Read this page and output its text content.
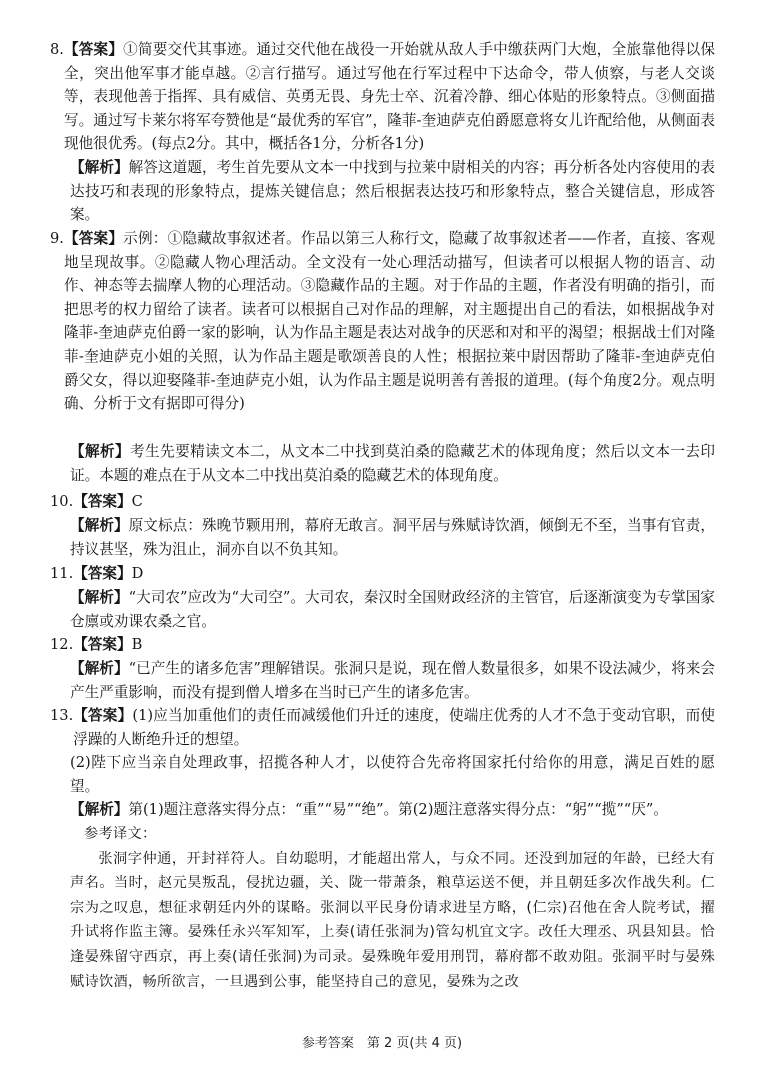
8. 【答案】①简要交代其事迹。通过交代他在战役一开始就从敌人手中缴获两门大炮，全旅靠他得以保全，突出他军事才能卓越。②言行描写。通过写他在行军过程中下达命令，带人侦察，与老人交谈等，表现他善于指挥、具有威信、英勇无畏、身先士卒、沉着冷静、细心体贴的形象特点。③侧面描写。通过写卡莱尔将军夸赞他是“最优秀的军官”，隆菲-奎迪萨克伯爵愿意将女儿许配给他，从侧面表现他很优秀。(每点2分。其中，概括各1分，分析各1分)
【解析】解答这道题，考生首先要从文本一中找到与拉莱中尉相关的内容；再分析各处内容使用的表达技巧和表现的形象特点，提炼关键信息；然后根据表达技巧和形象特点，整合关键信息，形成答案。
9. 【答案】示例：①隐藏故事叙述者。作品以第三人称行文，隐藏了故事叙述者——作者，直接、客观地呈现故事。②隐藏人物心理活动。全文没有一处心理活动描写，但读者可以根据人物的语言、动作、神态等去揣摩人物的心理活动。③隐藏作品的主题。对于作品的主题，作者没有明确的指引，而把思考的权力留给了读者。读者可以根据自己对作品的理解，对主题提出自己的看法，如根据战争对隆菲-奎迪萨克伯爵一家的影响，认为作品主题是表达对战争的厌恶和对和平的渴望；根据战士们对隆菲-奎迪萨克小姐的关照，认为作品主题是歌颂善良的人性；根据拉莱中尉因帮助了隆菲-奎迪萨克伯爵父女，得以迎娶隆菲-奎迪萨克小姐，认为作品主题是说明善有善报的道理。(每个角度2分。观点明确、分析于文有据即可得分)
【解析】考生先要精读文本二，从文本二中找到莫泊桑的隐藏艺术的体现角度；然后以文本一去印证。本题的难点在于从文本二中找出莫泊桑的隐藏艺术的体现角度。
10.【答案】C
【解析】原文标点：殊晚节颗用刑，幕府无敢言。洞平居与殊赋诗饮酒，倾倒无不至，当事有官责，持议甚坚，殊为沮止，洞亦自以不负其知。
11.【答案】D
【解析】“大司农”应改为“大司空”。大司农，秦汉时全国财政经济的主管官，后逐渐演变为专掌国家仓廪或劝课农桑之官。
12.【答案】B
【解析】“已产生的诸多危害”理解错误。张洞只是说，现在僧人数量很多，如果不设法减少，将来会产生严重影响，而没有提到僧人增多在当时已产生的诸多危害。
13. 【答案】(1)应当加重他们的责任而减缓他们升迁的速度，使端庄优秀的人才不急于变动官职，而使浮躁的人断绝升迁的想望。
(2)陛下应当亲自处理政事，招揽各种人才，以使符合先帝将国家托付给你的用意，满足百姓的愿望。
【解析】第(1)题注意落实得分点：“重”“易”“绝”。第(2)题注意落实得分点：“躬”“揽”“厌”。
参考译文：
张洞字仲通，开封祥符人。自幼聪明，才能超出常人，与众不同。还没到加冠的年龄，已经大有声名。当时，赵元昊叛乱，侵扰边疆，关、陇一带萧条，粮草运送不便，并且朝廷多次作战失利。仁宗为之叹息，想征求朝廷内外的谋略。张洞以平民身份请求进呈方略，(仁宗)召他在舍人院考试，擢升试将作监主簿。晏殊任永兴军知军，上奏(请任张洞为)管勾机宜文字。改任大理丞、巩县知县。恰逢晏殊留守西京，再上奏(请任张洞)为司录。晏殊晚年爱用刑罚，幕府都不敢劝阻。张洞平时与晏殊赋诗饮酒，畅所欲言，一旦遇到公事，能坚持自己的意见，晏殊为之改
参考答案　第 2 页(共 4 页)
